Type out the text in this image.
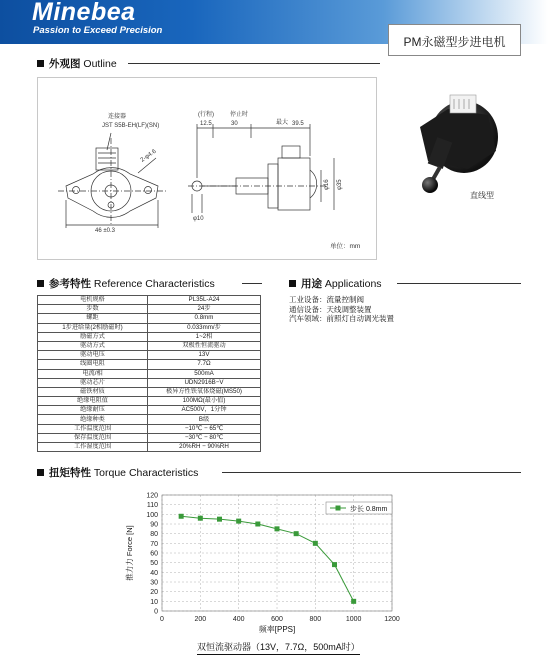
Minebea
Passion to Exceed Precision
PM永磁型步进电机
外观图 Outline
连接器
JST S5B-EH(LF)(SN)
(行程)	停止时
最大
12.5	30	39.5
2-φ4.6
φ10
φ16 φ35
46 ±0.3
单位：mm
直线型
参考特性 Reference Characteristics
电机规格	PL35L-A24
步数	24步
螺距	0.8mm
1步进给量(2相励磁时)	0.033mm/步
励磁方式	1~2相
驱动方式	双极性恒流驱动
驱动电压	13V
线圈电阻	7.7Ω
电流/相	500mA
驱动芯片	UDN2916B−V
磁铁材质	极异方性铁氧体烧磁(MS50)
绝缘电阻值	100MΩ(最小值)
绝缘耐压	AC500V，1分钟
绝缘种类	B级
工作温度范围	−10℃ − 65℃
保存温度范围	−30℃ − 80℃
工作湿度范围	20%RH − 90%RH
用途 Applications
工业设备：流量控制阀
通信设备：天线调整装置
汽车领域：前照灯自动调光装置
扭矩特性 Torque Characteristics
0
10
20
30
40
50
60
70
80
90
100
110
120
0	200	400	600	800	1000	1200
频率[PPS]
推力力 Force [N]
步长 0.8mm
双恒流驱动器（13V，7.7Ω，500mA时）
